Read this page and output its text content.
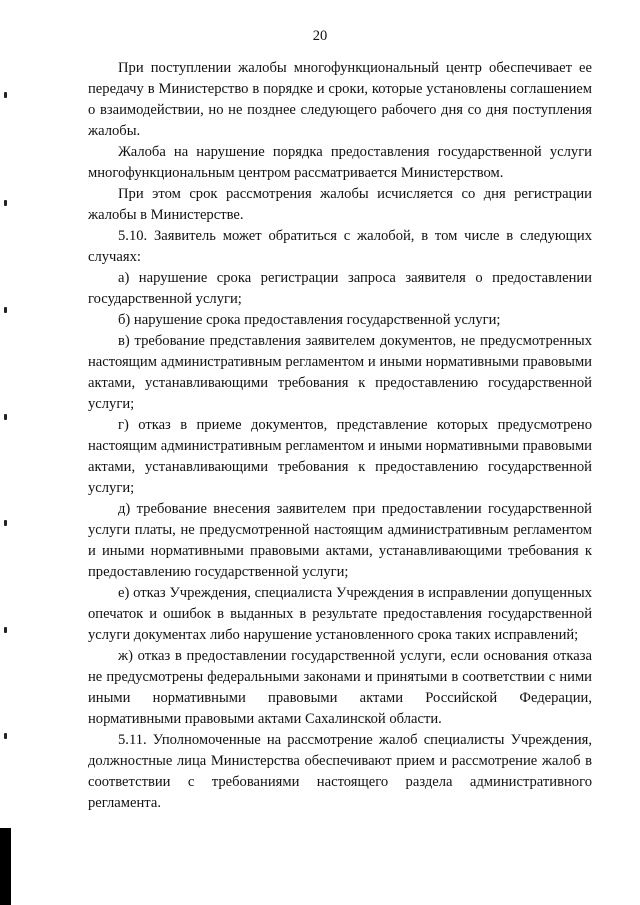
20

При поступлении жалобы многофункциональный центр обеспечивает ее передачу в Министерство в порядке и сроки, которые установлены соглашением о взаимодействии, но не позднее следующего рабочего дня со дня поступления жалобы.

Жалоба на нарушение порядка предоставления государственной услуги многофункциональным центром рассматривается Министерством.

При этом срок рассмотрения жалобы исчисляется со дня регистрации жалобы в Министерстве.

5.10. Заявитель может обратиться с жалобой, в том числе в следующих случаях:

а) нарушение срока регистрации запроса заявителя о предоставлении государственной услуги;

б) нарушение срока предоставления государственной услуги;

в) требование представления заявителем документов, не предусмотренных настоящим административным регламентом и иными нормативными правовыми актами, устанавливающими требования к предоставлению государственной услуги;

г) отказ в приеме документов, представление которых предусмотрено настоящим административным регламентом и иными нормативными правовыми актами, устанавливающими требования к предоставлению государственной услуги;

д) требование внесения заявителем при предоставлении государственной услуги платы, не предусмотренной настоящим административным регламентом и иными нормативными правовыми актами, устанавливающими требования к предоставлению государственной услуги;

е) отказ Учреждения, специалиста Учреждения в исправлении допущенных опечаток и ошибок в выданных в результате предоставления государственной услуги документах либо нарушение установленного срока таких исправлений;

ж) отказ в предоставлении государственной услуги, если основания отказа не предусмотрены федеральными законами и принятыми в соответствии с ними иными нормативными правовыми актами Российской Федерации, нормативными правовыми актами Сахалинской области.

5.11. Уполномоченные на рассмотрение жалоб специалисты Учреждения, должностные лица Министерства обеспечивают прием и рассмотрение жалоб в соответствии с требованиями настоящего раздела административного регламента.
